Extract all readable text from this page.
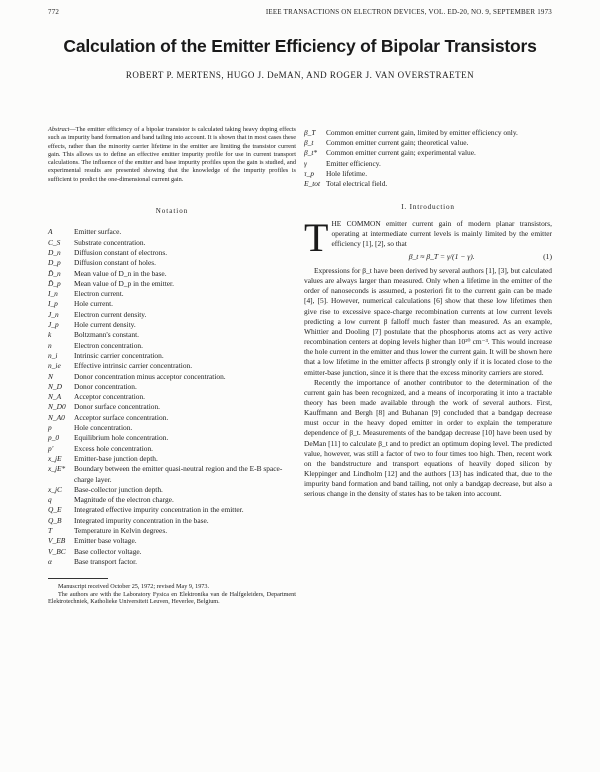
772	IEEE TRANSACTIONS ON ELECTRON DEVICES, VOL. ED-20, NO. 9, SEPTEMBER 1973
Calculation of the Emitter Efficiency of Bipolar Transistors
ROBERT P. MERTENS, HUGO J. DeMAN, AND ROGER J. VAN OVERSTRAETEN

Abstract—The emitter efficiency of a bipolar transistor is calculated taking heavy doping effects such as impurity band formation and band tailing into account. It is shown that in most cases these effects, rather than the minority carrier lifetime in the emitter are limiting the transistor current gain. This allows us to define an effective emitter impurity profile for use in current transport calculations. The influence of the emitter and base impurity profiles upon the gain is studied, and experimental results are presented showing that the knowledge of the impurity profiles is sufficient to predict the one-dimensional current gain.

Notation
A	Emitter surface.
C_S	Substrate concentration.
D_n	Diffusion constant of electrons.
D_p	Diffusion constant of holes.
D̄_n	Mean value of D_n in the base.
D̄_p	Mean value of D_p in the emitter.
I_n	Electron current.
I_p	Hole current.
J_n	Electron current density.
J_p	Hole current density.
k	Boltzmann's constant.
n	Electron concentration.
n_i	Intrinsic carrier concentration.
n_ie	Effective intrinsic carrier concentration.
N	Donor concentration minus acceptor concentration.
N_D	Donor concentration.
N_A	Acceptor concentration.
N_D0	Donor surface concentration.
N_A0	Acceptor surface concentration.
p	Hole concentration.
p_0	Equilibrium hole concentration.
p'	Excess hole concentration.
x_jE	Emitter-base junction depth.
x_jE*	Boundary between the emitter quasi-neutral region and the E-B space-charge layer.
x_jC	Base-collector junction depth.
q	Magnitude of the electron charge.
Q_E	Integrated effective impurity concentration in the emitter.
Q_B	Integrated impurity concentration in the base.
T	Temperature in Kelvin degrees.
V_EB	Emitter base voltage.
V_BC	Base collector voltage.
α	Base transport factor.
Manuscript received October 25, 1972; revised May 9, 1973.
The authors are with the Laboratory Fysica en Elektronika van de Halfgeleiders, Department Elektrotechniek, Katholieke Universiteit Leuven, Heverlee, Belgium.
β_T	Common emitter current gain, limited by emitter efficiency only.
β_t	Common emitter current gain; theoretical value.
β_t*	Common emitter current gain; experimental value.
γ	Emitter efficiency.
τ_p	Hole lifetime.
E_tot Total electrical field.
I. Introduction

THE COMMON emitter current gain of modern planar transistors, operating at intermediate current levels is mainly limited by the emitter efficiency [1], [2], so that

β_t ≈ β_T = γ/(1 − γ).	(1)

Expressions for β_t have been derived by several authors [1], [3], but calculated values are always larger than measured. Only when a lifetime in the emitter of the order of nanoseconds is assumed, a posteriori fit to the current gain can be made [4], [5]. However, numerical calculations [6] show that these low lifetimes then give rise to excessive space-charge recombination currents at low current levels predicting a low current β falloff much faster than measured. As an example, Whittier and Dooling [7] postulate that the phosphorus atoms act as very active recombination centers at doping levels higher than 10²⁰ cm⁻³. This would increase the hole current in the emitter and thus lower the current gain. It will be shown here that a low lifetime in the emitter affects β strongly only if it is located close to the emitter-base junction, since it is there that the excess minority carriers are stored.

Recently the importance of another contributor to the determination of the current gain has been recognized, and a means of incorporating it into a tractable theory has been made available through the work of several authors. First, Kauffmann and Bergh [8] and Buhanan [9] concluded that a bandgap decrease must occur in the heavy doped emitter in order to explain the temperature dependence of β_t. Measurements of the bandgap decrease [10] have been used by DeMan [11] to calculate β_t and to predict an optimum doping level. The predicted value, however, was still a factor of two to four times too high. Then, recent work on the bandstructure and transport equations of heavily doped silicon by Kleppinger and Lindholm [12] and the authors [13] has indicated that, due to the impurity band formation and band tailing, not only a bandgap decrease, but also a serious change in the density of states has to be taken into account.
